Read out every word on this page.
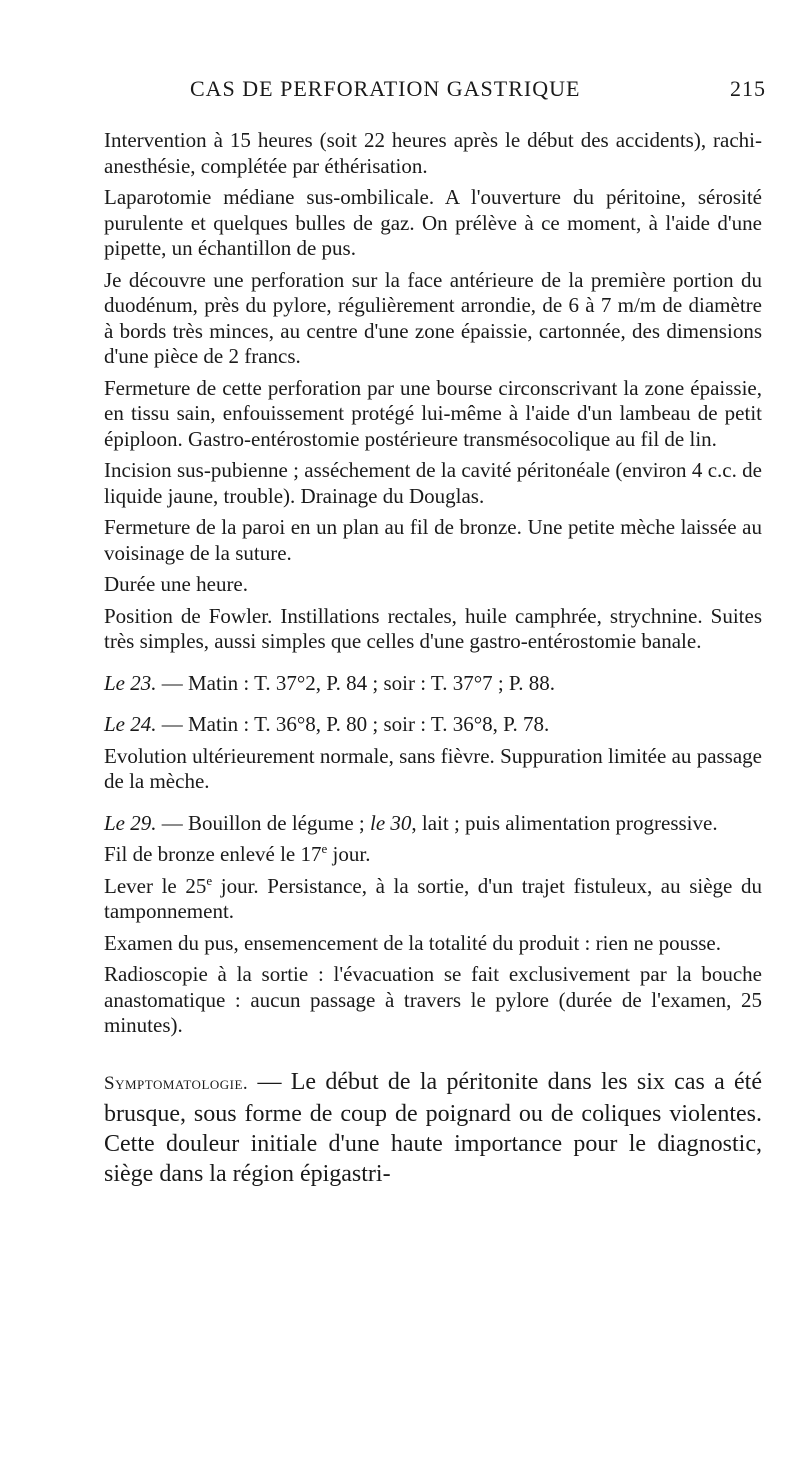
CAS DE PERFORATION GASTRIQUE	215

Intervention à 15 heures (soit 22 heures après le début des accidents), rachi-anesthésie, complétée par éthérisation.

Laparotomie médiane sus-ombilicale. A l'ouverture du péritoine, sérosité purulente et quelques bulles de gaz. On prélève à ce moment, à l'aide d'une pipette, un échantillon de pus.

Je découvre une perforation sur la face antérieure de la première portion du duodénum, près du pylore, régulièrement arrondie, de 6 à 7 m/m de diamètre à bords très minces, au centre d'une zone épaissie, cartonnée, des dimensions d'une pièce de 2 francs.

Fermeture de cette perforation par une bourse circonscrivant la zone épaissie, en tissu sain, enfouissement protégé lui-même à l'aide d'un lambeau de petit épiploon. Gastro-entérostomie postérieure transmésocolique au fil de lin.

Incision sus-pubienne ; asséchement de la cavité péritonéale (environ 4 c.c. de liquide jaune, trouble). Drainage du Douglas.

Fermeture de la paroi en un plan au fil de bronze. Une petite mèche laissée au voisinage de la suture.

Durée une heure.

Position de Fowler. Instillations rectales, huile camphrée, strychnine. Suites très simples, aussi simples que celles d'une gastro-entérostomie banale.

Le 23. — Matin : T. 37°2, P. 84 ; soir : T. 37°7 ; P. 88.

Le 24. — Matin : T. 36°8, P. 80 ; soir : T. 36°8, P. 78.

Evolution ultérieurement normale, sans fièvre. Suppuration limitée au passage de la mèche.

Le 29. — Bouillon de légume ; le 30, lait ; puis alimentation progressive.

Fil de bronze enlevé le 17e jour.

Lever le 25e jour. Persistance, à la sortie, d'un trajet fistuleux, au siège du tamponnement.

Examen du pus, ensemencement de la totalité du produit : rien ne pousse.

Radioscopie à la sortie : l'évacuation se fait exclusivement par la bouche anastomatique : aucun passage à travers le pylore (durée de l'examen, 25 minutes).

Symptomatologie. — Le début de la péritonite dans les six cas a été brusque, sous forme de coup de poignard ou de coliques violentes. Cette douleur initiale d'une haute importance pour le diagnostic, siège dans la région épigastri-
